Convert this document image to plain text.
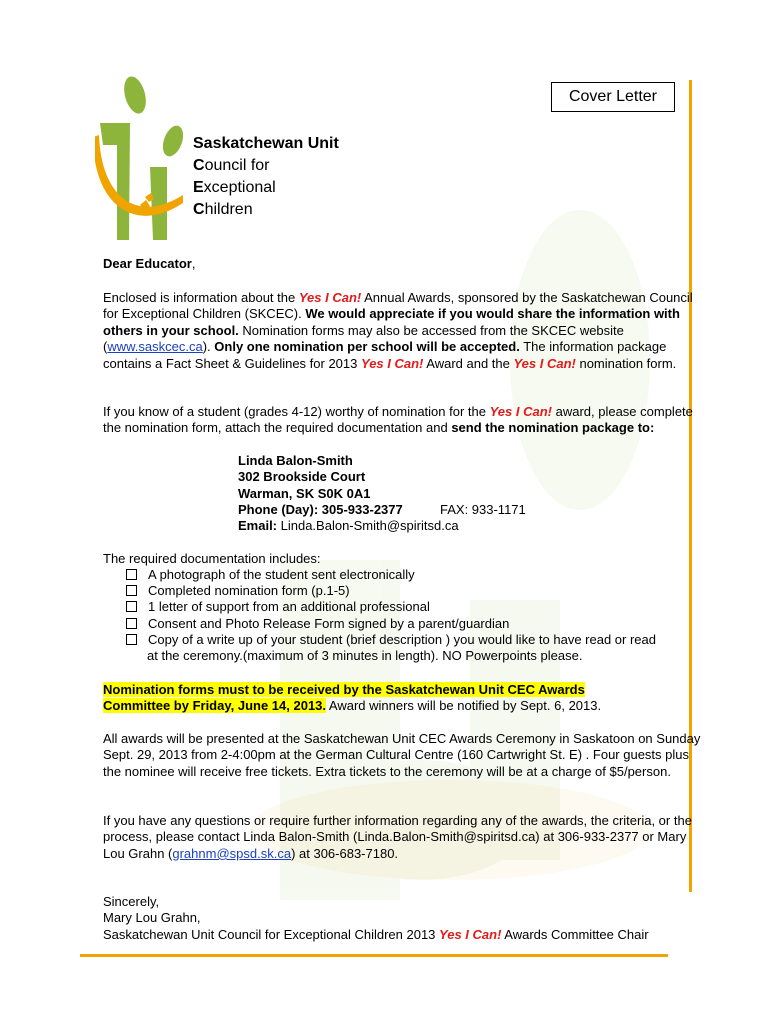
Cover Letter
Saskatchewan Unit
Council for
Exceptional
Children
Dear Educator,
Enclosed is information about the Yes I Can! Annual Awards, sponsored by the Saskatchewan Council for Exceptional Children (SKCEC). We would appreciate if you would share the information with others in your school. Nomination forms may also be accessed from the SKCEC website (www.saskcec.ca). Only one nomination per school will be accepted. The information package contains a Fact Sheet & Guidelines for 2013 Yes I Can! Award and the Yes I Can! nomination form.
If you know of a student (grades 4-12) worthy of nomination for the Yes I Can! award, please complete the nomination form, attach the required documentation and send the nomination package to:
Linda Balon-Smith
302 Brookside Court
Warman, SK S0K 0A1
Phone (Day): 305-933-2377	FAX: 933-1171
Email: Linda.Balon-Smith@spiritsd.ca
The required documentation includes:
A photograph of the student sent electronically
Completed nomination form (p.1-5)
1 letter of support from an additional professional
Consent and Photo Release Form signed by a parent/guardian
Copy of a write up of your student (brief description ) you would like to have read or read
at the ceremony.(maximum of 3 minutes in length). NO Powerpoints please.
Nomination forms must to be received by the Saskatchewan Unit CEC Awards
Committee by Friday, June 14, 2013. Award winners will be notified by Sept. 6, 2013.
All awards will be presented at the Saskatchewan Unit CEC Awards Ceremony in Saskatoon on Sunday Sept. 29, 2013 from 2-4:00pm at the German Cultural Centre (160 Cartwright St. E) . Four guests plus the nominee will receive free tickets. Extra tickets to the ceremony will be at a charge of $5/person.
If you have any questions or require further information regarding any of the awards, the criteria, or the process, please contact Linda Balon-Smith (Linda.Balon-Smith@spiritsd.ca) at 306-933-2377 or Mary Lou Grahn (grahnm@spsd.sk.ca) at 306-683-7180.
Sincerely,
Mary Lou Grahn,
Saskatchewan Unit Council for Exceptional Children 2013 Yes I Can! Awards Committee Chair
